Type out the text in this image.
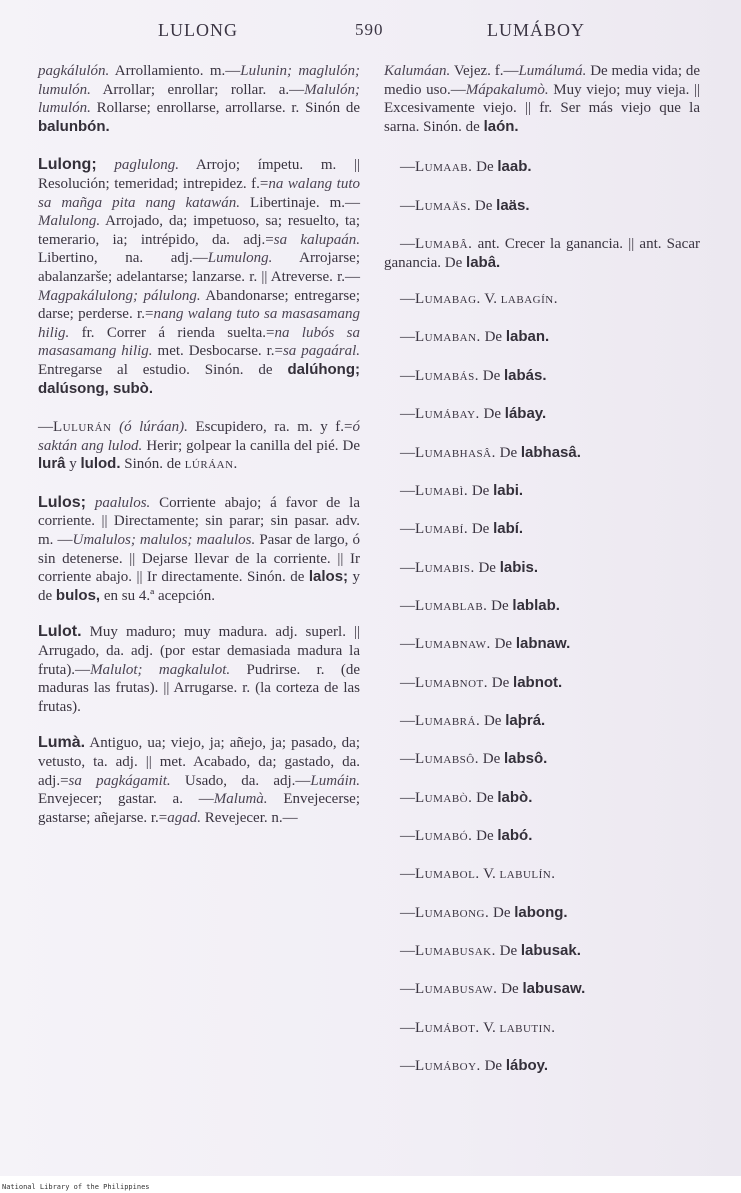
LULONG	590	LUMÁBOY

pagkálulón. Arrollamiento. m.—Lulunin; maglulón; lumulón. Arrollar; enrollar; rollar. a.—Malulón; lumulón. Rollarse; enrollarse, arrollarse. r. Sinón de balunbón.

Lulong; paglulong. Arrojo; ímpetu. m. || Resolución; temeridad; intrepidez. f.=na walang tuto sa mañga pita nang katawán. Libertinaje. m.—Malulong. Arrojado, da; impetuoso, sa; resuelto, ta; temerario, ia; intrépido, da. adj.=sa kalupaán. Libertino, na. adj.—Lumulong. Arrojarse; abalanzarše; adelantarse; lanzarse. r. || Atreverse. r.—Magpakálulong; pálulong. Abandonarse; entregarse; darse; perderse. r.=nang walang tuto sa masasamang hilig. fr. Correr á rienda suelta.=na lubós sa masasamang hilig. met. Desbocarse. r.=sa pagaáral. Entregarse al estudio. Sinón. de dalúhong; dalúsong, subò.

—Lulurán (ó lúráan). Escupidero, ra. m. y f.=ó saktán ang lulod. Herir; golpear la canilla del pié. De lurâ y lulod. Sinón. de lúráan.

Lulos; paalulos. Corriente abajo; á favor de la corriente. || Directamente; sin parar; sin pasar. adv. m. —Umalulos; malulos; maalulos. Pasar de largo, ó sin detenerse. || Dejarse llevar de la corriente. || Ir corriente abajo. || Ir directamente. Sinón. de lalos; y de bulos, en su 4.ª acepción.

Lulot. Muy maduro; muy madura. adj. superl. || Arrugado, da. adj. (por estar demasiada madura la fruta).—Malulot; magkalulot. Pudrirse. r. (de maduras las frutas). || Arrugarse. r. (la corteza de las frutas).

Lumà. Antiguo, ua; viejo, ja; añejo, ja; pasado, da; vetusto, ta. adj. || met. Acabado, da; gastado, da. adj.=sa pagkágamit. Usado, da. adj.—Lumáin. Envejecer; gastar. a. —Malumà. Envejecerse; gastarse; añejarse. r.=agad. Revejecer. n.—

Kalumáan. Vejez. f.—Lumálumá. De media vida; de medio uso.—Mápakalumò. Muy viejo; muy vieja. || Excesivamente viejo. || fr. Ser más viejo que la sarna. Sinón. de laón.

—Lumaab. De laab.

—Lumaäs. De laäs.

—Lumabâ. ant. Crecer la ganancia. || ant. Sacar ganancia. De labâ.

—Lumabag. V. labagín.

—Lumaban. De laban.

—Lumabás. De labás.

—Lumábay. De lábay.

—Lumabhasâ. De labhasâ.

—Lumabì. De labi.

—Lumabí. De labí.

—Lumabis. De labis.

—Lumablab. De lablab.

—Lumabnaw. De labnaw.

—Lumabnot. De labnot.

—Lumabrá. De laþrá.

—Lumabsô. De labsô.

—Lumabò. De labò.

—Lumabó. De labó.

—Lumabol. V. labulín.

—Lumabong. De labong.

—Lumabusak. De labusak.

—Lumabusaw. De labusaw.

—Lumábot. V. labutin.

—Lumáboy. De láboy.

National Library of the Philippines
